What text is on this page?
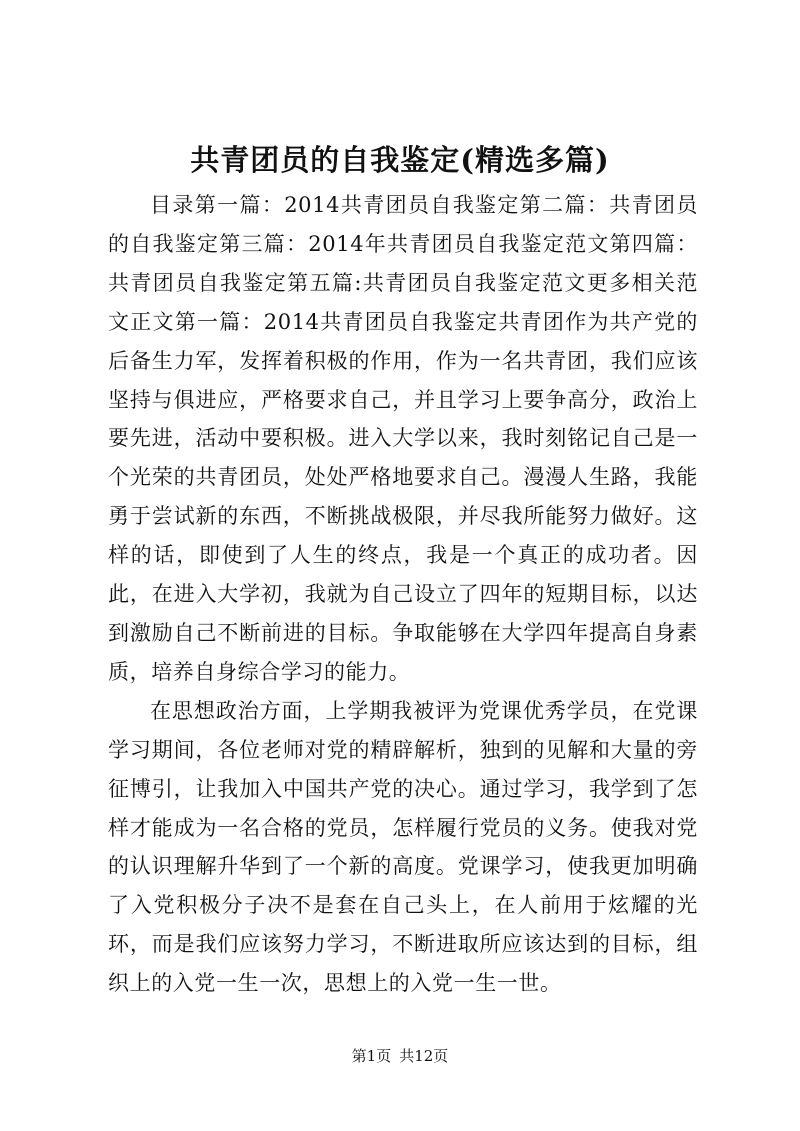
共青团员的自我鉴定(精选多篇)

目录第一篇：2014共青团员自我鉴定第二篇：共青团员的自我鉴定第三篇：2014年共青团员自我鉴定范文第四篇：共青团员自我鉴定第五篇:共青团员自我鉴定范文更多相关范文正文第一篇：2014共青团员自我鉴定共青团作为共产党的后备生力军，发挥着积极的作用，作为一名共青团，我们应该坚持与俱进应，严格要求自己，并且学习上要争高分，政治上要先进，活动中要积极。进入大学以来，我时刻铭记自己是一个光荣的共青团员，处处严格地要求自己。漫漫人生路，我能勇于尝试新的东西，不断挑战极限，并尽我所能努力做好。这样的话，即使到了人生的终点，我是一个真正的成功者。因此，在进入大学初，我就为自己设立了四年的短期目标，以达到激励自己不断前进的目标。争取能够在大学四年提高自身素质，培养自身综合学习的能力。

在思想政治方面，上学期我被评为党课优秀学员，在党课学习期间，各位老师对党的精辟解析，独到的见解和大量的旁征博引，让我加入中国共产党的决心。通过学习，我学到了怎样才能成为一名合格的党员，怎样履行党员的义务。使我对党的认识理解升华到了一个新的高度。党课学习，使我更加明确了入党积极分子决不是套在自己头上，在人前用于炫耀的光环，而是我们应该努力学习，不断进取所应该达到的目标，组织上的入党一生一次，思想上的入党一生一世。

第1页 共12页
